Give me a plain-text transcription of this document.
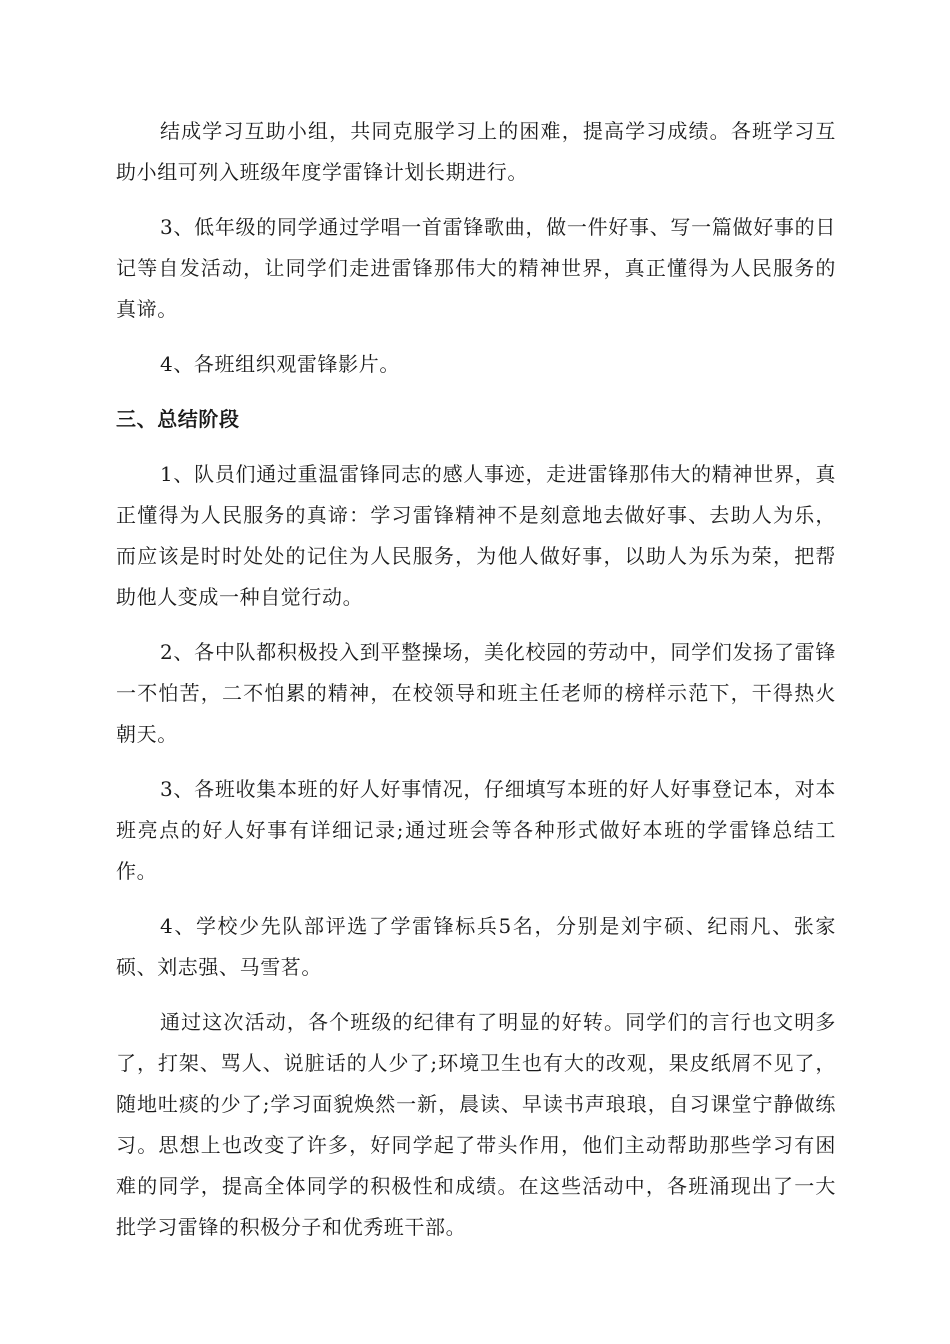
结成学习互助小组，共同克服学习上的困难，提高学习成绩。各班学习互助小组可列入班级年度学雷锋计划长期进行。

3、低年级的同学通过学唱一首雷锋歌曲，做一件好事、写一篇做好事的日记等自发活动，让同学们走进雷锋那伟大的精神世界，真正懂得为人民服务的真谛。

4、各班组织观雷锋影片。

三、总结阶段

1、队员们通过重温雷锋同志的感人事迹，走进雷锋那伟大的精神世界，真正懂得为人民服务的真谛：学习雷锋精神不是刻意地去做好事、去助人为乐，而应该是时时处处的记住为人民服务，为他人做好事，以助人为乐为荣，把帮助他人变成一种自觉行动。

2、各中队都积极投入到平整操场，美化校园的劳动中，同学们发扬了雷锋一不怕苦，二不怕累的精神，在校领导和班主任老师的榜样示范下，干得热火朝天。

3、各班收集本班的好人好事情况，仔细填写本班的好人好事登记本，对本班亮点的好人好事有详细记录;通过班会等各种形式做好本班的学雷锋总结工作。

4、学校少先队部评选了学雷锋标兵5名，分别是刘宇硕、纪雨凡、张家硕、刘志强、马雪茗。

通过这次活动，各个班级的纪律有了明显的好转。同学们的言行也文明多了，打架、骂人、说脏话的人少了;环境卫生也有大的改观，果皮纸屑不见了，随地吐痰的少了;学习面貌焕然一新，晨读、早读书声琅琅，自习课堂宁静做练习。思想上也改变了许多，好同学起了带头作用，他们主动帮助那些学习有困难的同学，提高全体同学的积极性和成绩。在这些活动中，各班涌现出了一大批学习雷锋的积极分子和优秀班干部。
